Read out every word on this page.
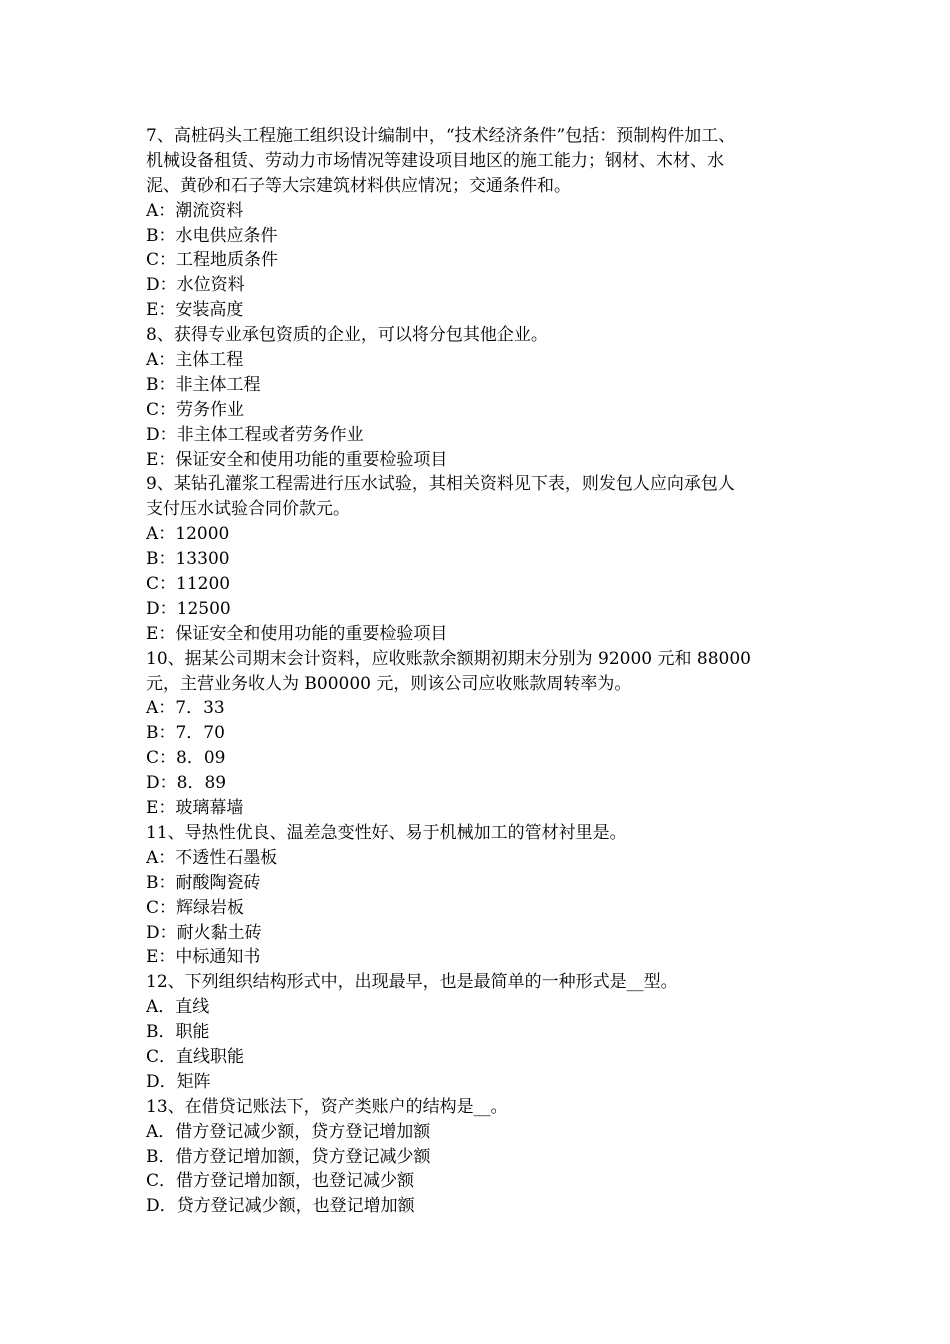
7、高桩码头工程施工组织设计编制中，“技术经济条件”包括：预制构件加工、
机械设备租赁、劳动力市场情况等建设项目地区的施工能力；钢材、木材、水
泥、黄砂和石子等大宗建筑材料供应情况；交通条件和。
A：潮流资料
B：水电供应条件
C：工程地质条件
D：水位资料
E：安装高度
8、获得专业承包资质的企业，可以将分包其他企业。
A：主体工程
B：非主体工程
C：劳务作业
D：非主体工程或者劳务作业
E：保证安全和使用功能的重要检验项目
9、某钻孔灌浆工程需进行压水试验，其相关资料见下表，则发包人应向承包人
支付压水试验合同价款元。
A：12000
B：13300
C：11200
D：12500
E：保证安全和使用功能的重要检验项目
10、据某公司期末会计资料，应收账款余额期初期末分别为 92000 元和 88000
元，主营业务收人为 B00000 元，则该公司应收账款周转率为。
A：7．33
B：7．70
C：8．09
D：8．89
E：玻璃幕墙
11、导热性优良、温差急变性好、易于机械加工的管材衬里是。
A：不透性石墨板
B：耐酸陶瓷砖
C：辉绿岩板
D：耐火黏土砖
E：中标通知书
12、下列组织结构形式中，出现最早，也是最简单的一种形式是__型。
A．直线
B．职能
C．直线职能
D．矩阵
13、在借贷记账法下，资产类账户的结构是__。
A．借方登记减少额，贷方登记增加额
B．借方登记增加额，贷方登记减少额
C．借方登记增加额，也登记减少额
D．贷方登记减少额，也登记增加额
